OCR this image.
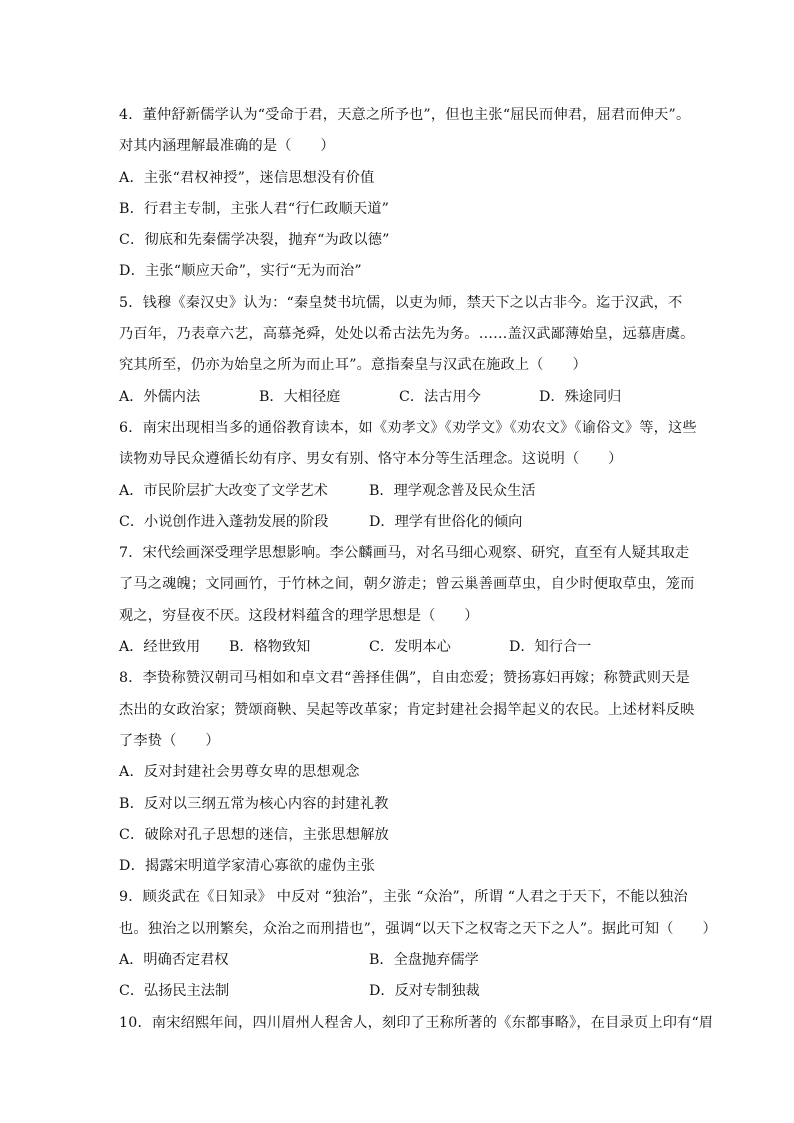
4．董仲舒新儒学认为“受命于君，天意之所予也”，但也主张“屈民而伸君，屈君而伸天”。
对其内涵理解最准确的是（　　）
A．主张“君权神授”，迷信思想没有价值
B．行君主专制，主张人君“行仁政顺天道”
C．彻底和先秦儒学决裂，抛弃“为政以德”
D．主张“顺应天命”，实行“无为而治”
5．钱穆《秦汉史》认为：“秦皇焚书坑儒，以吏为师，禁天下之以古非今。迄于汉武，不
乃百年，乃表章六艺，高慕尧舜，处处以希古法先为务。……盖汉武鄙薄始皇，远慕唐虞。
究其所至，仍亦为始皇之所为而止耳”。意指秦皇与汉武在施政上（　　）
A．外儒内法	B．大相径庭	C．法古用今	D．殊途同归
6．南宋出现相当多的通俗教育读本，如《劝孝文》《劝学文》《劝农文》《谕俗文》等，这些
读物劝导民众遵循长幼有序、男女有别、恪守本分等生活理念。这说明（　　）
A．市民阶层扩大改变了文学艺术	B．理学观念普及民众生活
C．小说创作进入蓬勃发展的阶段	D．理学有世俗化的倾向
7．宋代绘画深受理学思想影响。李公麟画马，对名马细心观察、研究，直至有人疑其取走
了马之魂魄；文同画竹，于竹林之间，朝夕游走；曾云巢善画草虫，自少时便取草虫，笼而
观之，穷昼夜不厌。这段材料蕴含的理学思想是（　　）
A．经世致用	B．格物致知	C．发明本心	D．知行合一
8．李贽称赞汉朝司马相如和卓文君“善择佳偶”，自由恋爱；赞扬寡妇再嫁；称赞武则天是
杰出的女政治家；赞颂商鞅、吴起等改革家；肯定封建社会揭竿起义的农民。上述材料反映
了李贽（　　）
A．反对封建社会男尊女卑的思想观念
B．反对以三纲五常为核心内容的封建礼教
C．破除对孔子思想的迷信，主张思想解放
D．揭露宋明道学家清心寡欲的虚伪主张
9．顾炎武在《日知录》 中反对 “独治”，主张 “众治”，所谓 “人君之于天下，不能以独治
也。独治之以刑繁矣，众治之而刑措也”，强调“以天下之权寄之天下之人”。据此可知（　　）
A．明确否定君权	B．全盘抛弃儒学
C．弘扬民主法制	D．反对专制独裁
10．南宋绍熙年间，四川眉州人程舍人，刻印了王称所著的《东都事略》，在目录页上印有“眉
